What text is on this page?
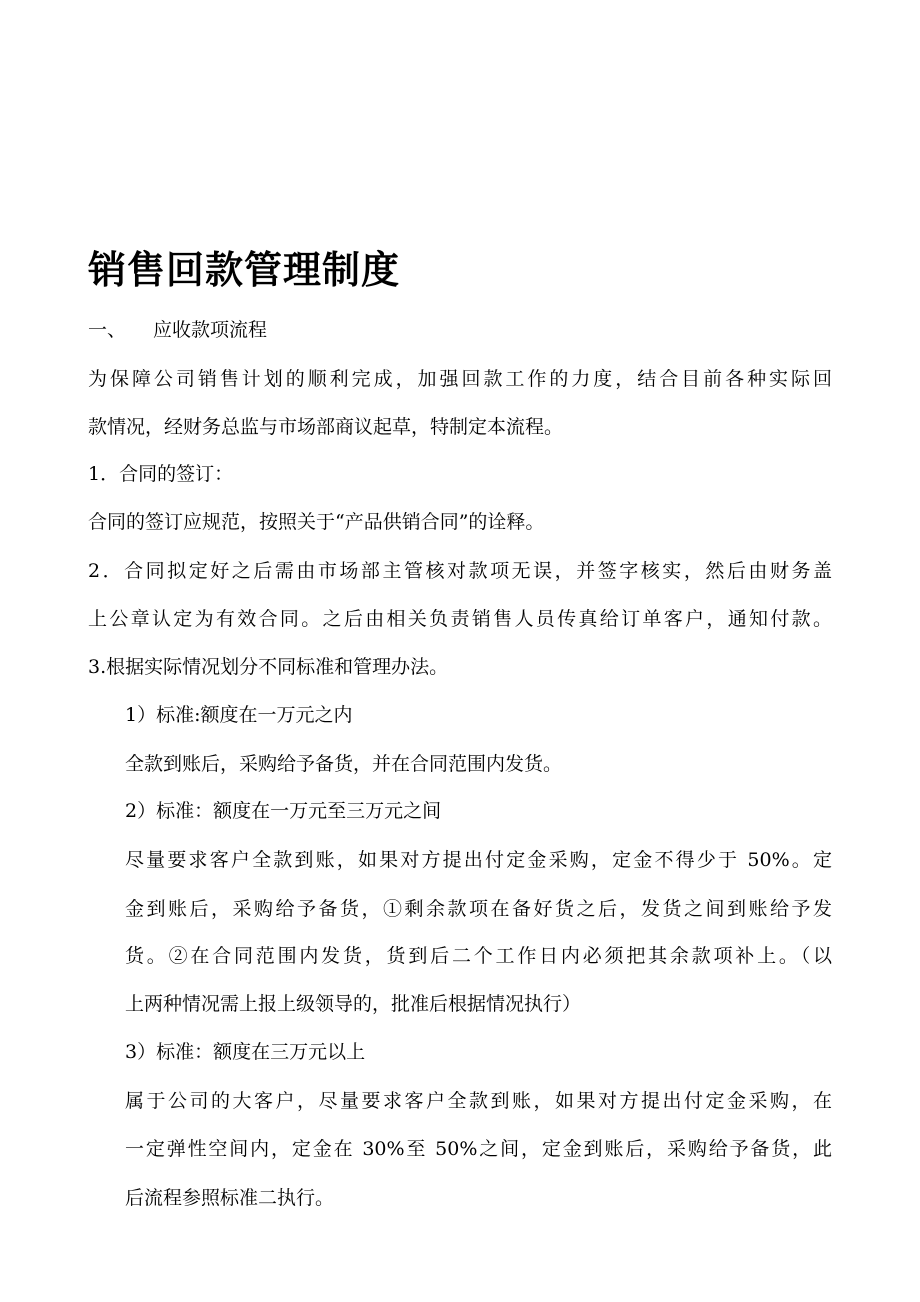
销售回款管理制度
一、 应收款项流程
为保障公司销售计划的顺利完成，加强回款工作的力度，结合目前各种实际回
款情况，经财务总监与市场部商议起草，特制定本流程。
1．合同的签订：
合同的签订应规范，按照关于“产品供销合同”的诠释。
2．合同拟定好之后需由市场部主管核对款项无误，并签字核实，然后由财务盖
上公章认定为有效合同。之后由相关负责销售人员传真给订单客户，通知付款。
3.根据实际情况划分不同标准和管理办法。
1）标准:额度在一万元之内
全款到账后，采购给予备货，并在合同范围内发货。
2）标准：额度在一万元至三万元之间
尽量要求客户全款到账，如果对方提出付定金采购，定金不得少于 50%。定
金到账后，采购给予备货，①剩余款项在备好货之后，发货之间到账给予发
货。②在合同范围内发货，货到后二个工作日内必须把其余款项补上。（以
上两种情况需上报上级领导的，批准后根据情况执行）
3）标准：额度在三万元以上
属于公司的大客户，尽量要求客户全款到账，如果对方提出付定金采购，在
一定弹性空间内，定金在 30%至 50%之间，定金到账后，采购给予备货，此
后流程参照标准二执行。
